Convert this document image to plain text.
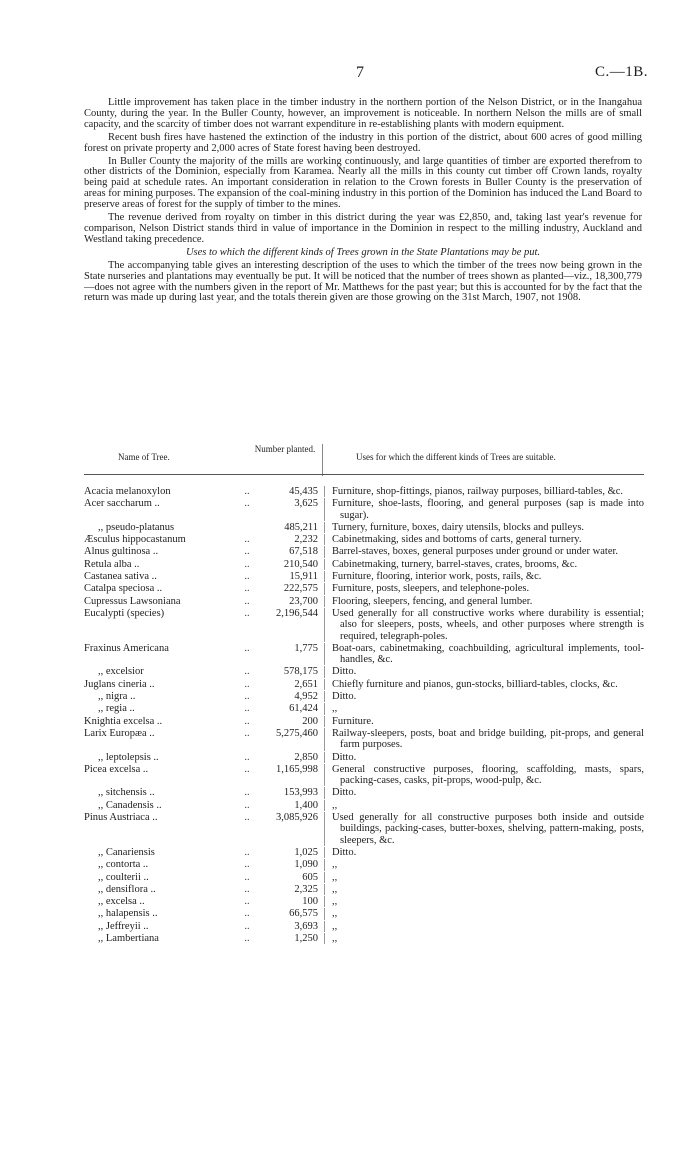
7	C.—1B.

Little improvement has taken place in the timber industry in the northern portion of the Nelson District, or in the Inangahua County, during the year. In the Buller County, however, an improvement is noticeable. In northern Nelson the mills are of small capacity, and the scarcity of timber does not warrant expenditure in re-establishing plants with modern equipment.

Recent bush fires have hastened the extinction of the industry in this portion of the district, about 600 acres of good milling forest on private property and 2,000 acres of State forest having been destroyed.

In Buller County the majority of the mills are working continuously, and large quantities of timber are exported therefrom to other districts of the Dominion, especially from Karamea. Nearly all the mills in this county cut timber off Crown lands, royalty being paid at schedule rates. An important consideration in relation to the Crown forests in Buller County is the preservation of areas for mining purposes. The expansion of the coal-mining industry in this portion of the Dominion has induced the Land Board to preserve areas of forest for the supply of timber to the mines.

The revenue derived from royalty on timber in this district during the year was £2,850, and, taking last year's revenue for comparison, Nelson District stands third in value of importance in the Dominion in respect to the milling industry, Auckland and Westland taking precedence.

Uses to which the different kinds of Trees grown in the State Plantations may be put.

The accompanying table gives an interesting description of the uses to which the timber of the trees now being grown in the State nurseries and plantations may eventually be put. It will be noticed that the number of trees shown as planted—viz., 18,300,779—does not agree with the numbers given in the report of Mr. Matthews for the past year; but this is accounted for by the fact that the return was made up during last year, and the totals therein given are those growing on the 31st March, 1907, not 1908.

Name of Tree.
Number planted.
Uses for which the different kinds of Trees are suitable.
Acacia melanoxylon	..	45,435	Furniture, shop-fittings, pianos, railway purposes, billiard-tables, &c.
Acer saccharum ..	..	3,625	Furniture, shoe-lasts, flooring, and general purposes (sap is made into sugar).
,, pseudo-platanus	485,211	Turnery, furniture, boxes, dairy utensils, blocks and pulleys.
Æsculus hippocastanum	..	2,232	Cabinetmaking, sides and bottoms of carts, general turnery.
Alnus gultinosa ..	..	67,518	Barrel-staves, boxes, general purposes under ground or under water.
Retula alba ..	..	210,540	Cabinetmaking, turnery, barrel-staves, crates, brooms, &c.
Castanea sativa ..	..	15,911	Furniture, flooring, interior work, posts, rails, &c.
Catalpa speciosa ..	..	222,575	Furniture, posts, sleepers, and telephone-poles.
Cupressus Lawsoniana	..	23,700	Flooring, sleepers, fencing, and general lumber.
Eucalypti (species)	..	2,196,544	Used generally for all constructive works where durability is essential; also for sleepers, posts, wheels, and other purposes where strength is required, telegraph-poles.
Fraxinus Americana	..	1,775	Boat-oars, cabinetmaking, coachbuilding, agricultural implements, tool-handles, &c.
,, excelsior	..	578,175	Ditto.
Juglans cineria ..	..	2,651	Chiefly furniture and pianos, gun-stocks, billiard-tables, clocks, &c.
,, nigra ..	..	4,952	Ditto.
,, regia ..	..	61,424	,,
Knightia excelsa ..	..	200	Furniture.
Larix Europæa ..	..	5,275,460	Railway-sleepers, posts, boat and bridge building, pit-props, and general farm purposes.
,, leptolepsis ..	..	2,850	Ditto.
Picea excelsa ..	..	1,165,998	General constructive purposes, flooring, scaffolding, masts, spars, packing-cases, casks, pit-props, wood-pulp, &c.
,, sitchensis ..	..	153,993	Ditto.
,, Canadensis ..	..	1,400	,,
Pinus Austriaca ..	..	3,085,926	Used generally for all constructive purposes both inside and outside buildings, packing-cases, butter-boxes, shelving, pattern-making, posts, sleepers, &c.
,, Canariensis	..	1,025	Ditto.
,, contorta ..	..	1,090	,,
,, coulterii ..	..	605	,,
,, densiflora ..	..	2,325	,,
,, excelsa ..	..	100	,,
,, halapensis ..	..	66,575	,,
,, Jeffreyii ..	..	3,693	,,
,, Lambertiana	..	1,250	,,
